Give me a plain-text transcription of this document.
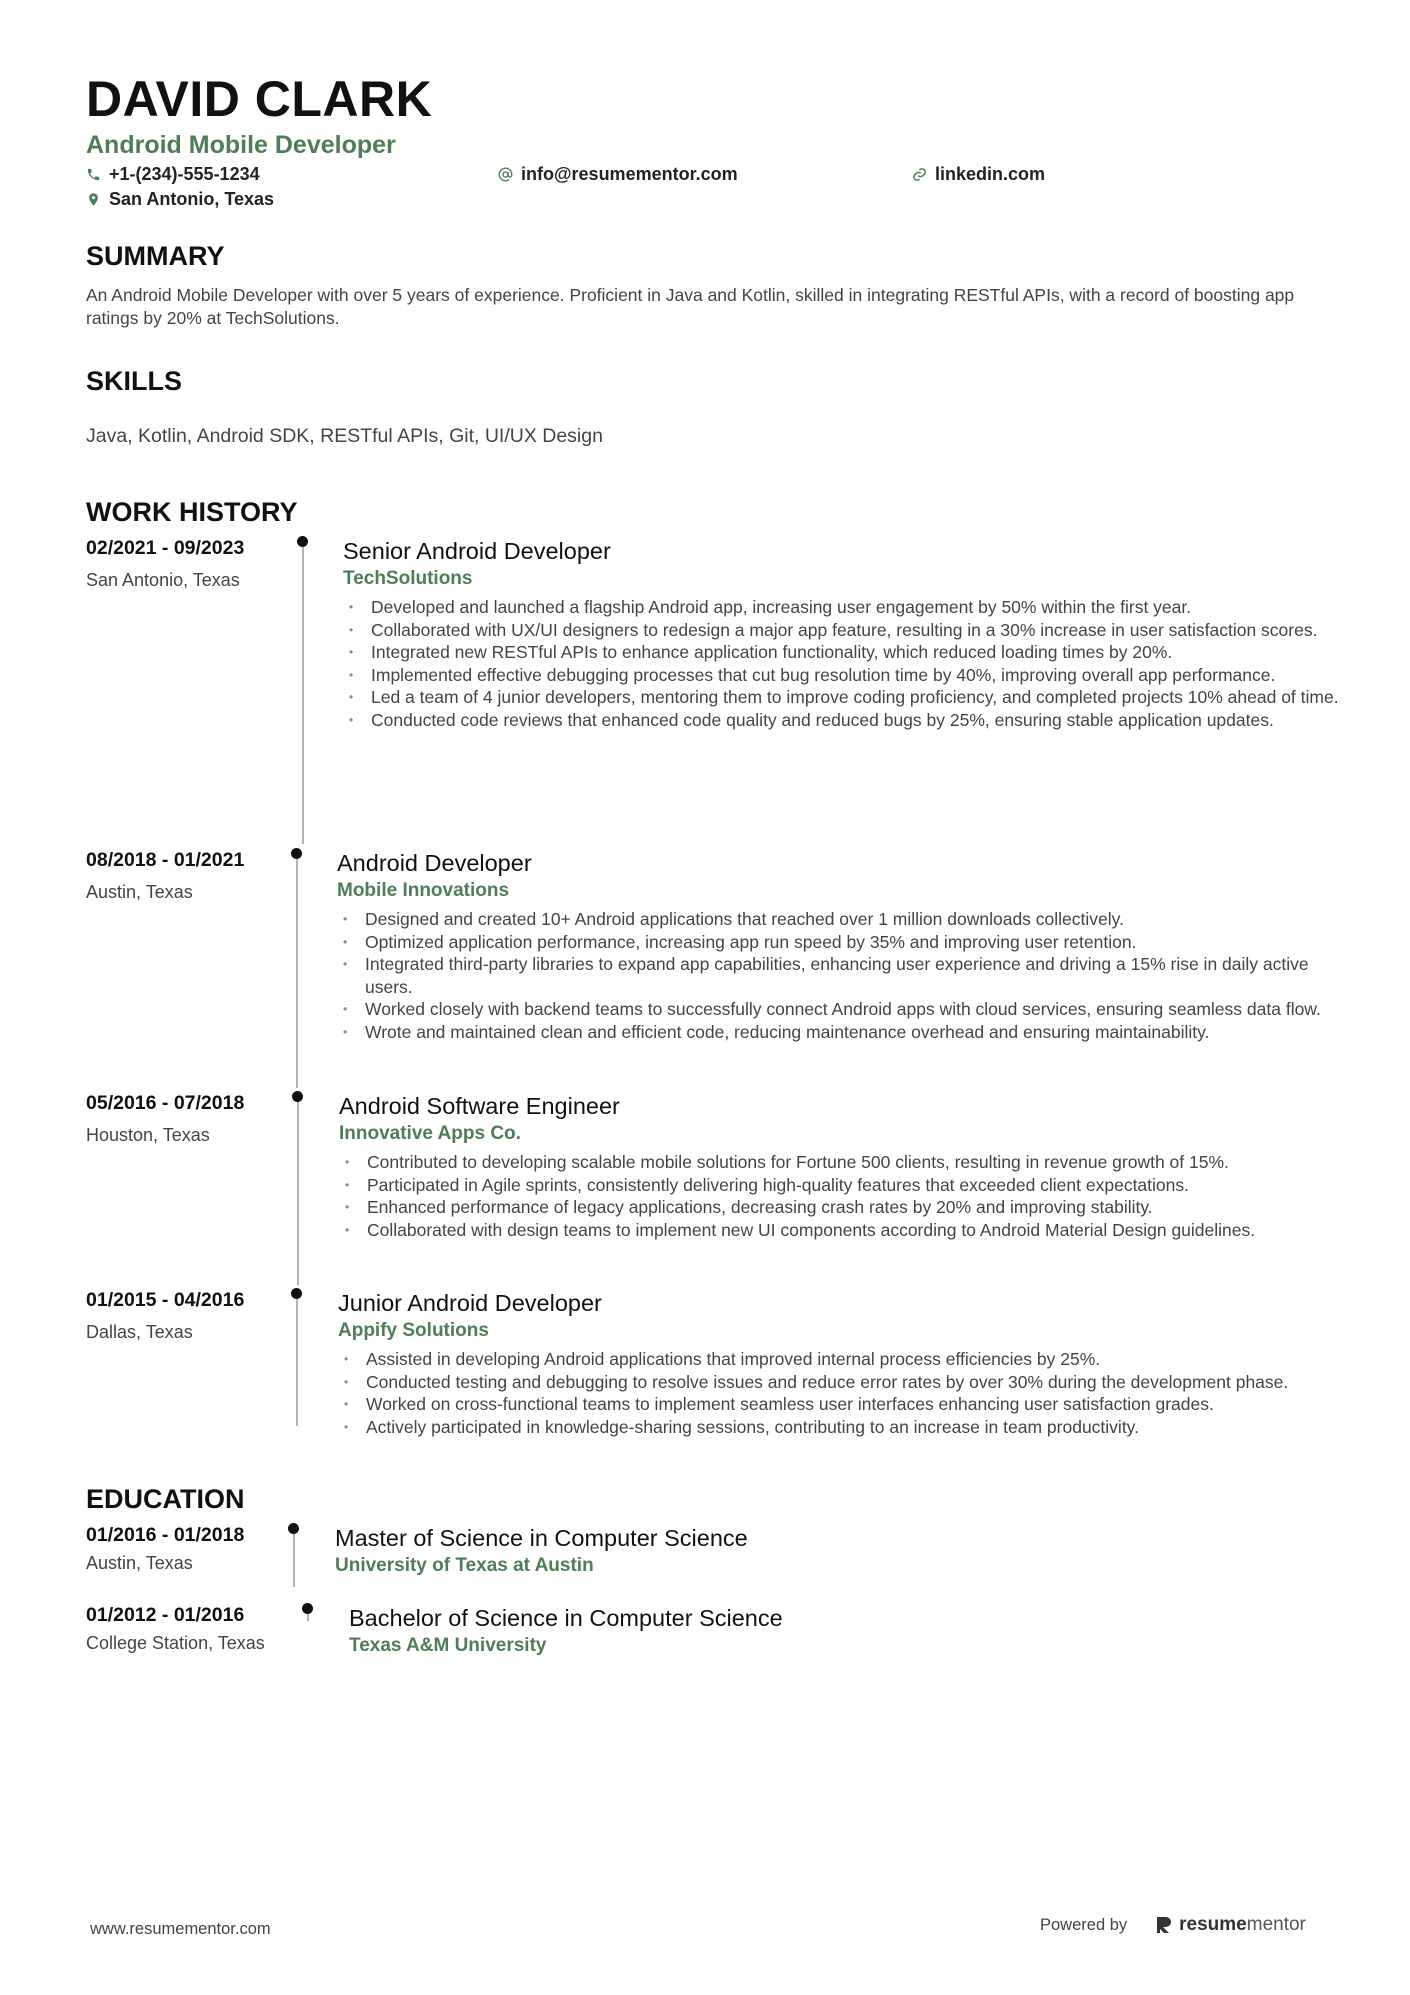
DAVID CLARK
Android Mobile Developer
+1-(234)-555-1234	info@resumementor.com	linkedin.com
San Antonio, Texas
SUMMARY
An Android Mobile Developer with over 5 years of experience. Proficient in Java and Kotlin, skilled in integrating RESTful APIs, with a record of boosting app ratings by 20% at TechSolutions.
SKILLS
Java, Kotlin, Android SDK, RESTful APIs, Git, UI/UX Design
WORK HISTORY
02/2021 - 09/2023
San Antonio, Texas
Senior Android Developer
TechSolutions
• Developed and launched a flagship Android app, increasing user engagement by 50% within the first year.
• Collaborated with UX/UI designers to redesign a major app feature, resulting in a 30% increase in user satisfaction scores.
• Integrated new RESTful APIs to enhance application functionality, which reduced loading times by 20%.
• Implemented effective debugging processes that cut bug resolution time by 40%, improving overall app performance.
• Led a team of 4 junior developers, mentoring them to improve coding proficiency, and completed projects 10% ahead of time.
• Conducted code reviews that enhanced code quality and reduced bugs by 25%, ensuring stable application updates.
08/2018 - 01/2021
Austin, Texas
Android Developer
Mobile Innovations
• Designed and created 10+ Android applications that reached over 1 million downloads collectively.
• Optimized application performance, increasing app run speed by 35% and improving user retention.
• Integrated third-party libraries to expand app capabilities, enhancing user experience and driving a 15% rise in daily active users.
• Worked closely with backend teams to successfully connect Android apps with cloud services, ensuring seamless data flow.
• Wrote and maintained clean and efficient code, reducing maintenance overhead and ensuring maintainability.
05/2016 - 07/2018
Houston, Texas
Android Software Engineer
Innovative Apps Co.
• Contributed to developing scalable mobile solutions for Fortune 500 clients, resulting in revenue growth of 15%.
• Participated in Agile sprints, consistently delivering high-quality features that exceeded client expectations.
• Enhanced performance of legacy applications, decreasing crash rates by 20% and improving stability.
• Collaborated with design teams to implement new UI components according to Android Material Design guidelines.
01/2015 - 04/2016
Dallas, Texas
Junior Android Developer
Appify Solutions
• Assisted in developing Android applications that improved internal process efficiencies by 25%.
• Conducted testing and debugging to resolve issues and reduce error rates by over 30% during the development phase.
• Worked on cross-functional teams to implement seamless user interfaces enhancing user satisfaction grades.
• Actively participated in knowledge-sharing sessions, contributing to an increase in team productivity.
EDUCATION
01/2016 - 01/2018
Austin, Texas
Master of Science in Computer Science
University of Texas at Austin
01/2012 - 01/2016
College Station, Texas
Bachelor of Science in Computer Science
Texas A&M University
www.resumementor.com	Powered by	resumementor
